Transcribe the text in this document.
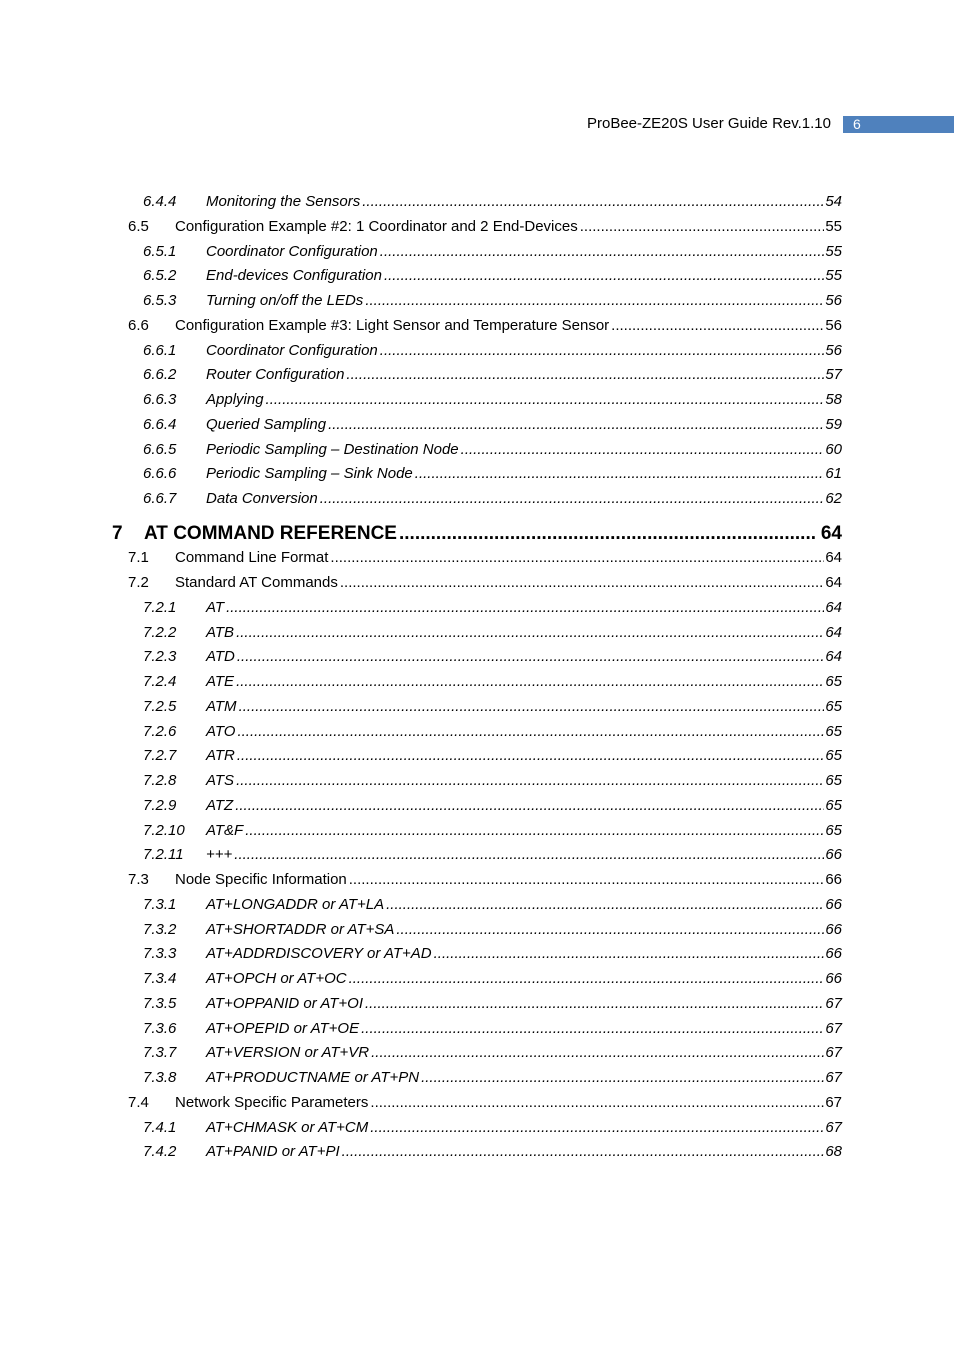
ProBee-ZE20S User Guide Rev.1.10	6
6.4.4 Monitoring the Sensors .....	54
6.5 Configuration Example #2: 1 Coordinator and 2 End-Devices .....	55
6.5.1 Coordinator Configuration .....	55
6.5.2 End-devices Configuration .....	55
6.5.3 Turning on/off the LEDs .....	56
6.6 Configuration Example #3: Light Sensor and Temperature Sensor .....	56
6.6.1 Coordinator Configuration .....	56
6.6.2 Router Configuration .....	57
6.6.3 Applying .....	58
6.6.4 Queried Sampling .....	59
6.6.5 Periodic Sampling – Destination Node .....	60
6.6.6 Periodic Sampling – Sink Node .....	61
6.6.7 Data Conversion .....	62
7 AT COMMAND REFERENCE .....	64
7.1 Command Line Format .....	64
7.2 Standard AT Commands .....	64
7.2.1 AT .....	64
7.2.2 ATB .....	64
7.2.3 ATD .....	64
7.2.4 ATE .....	65
7.2.5 ATM .....	65
7.2.6 ATO .....	65
7.2.7 ATR .....	65
7.2.8 ATS .....	65
7.2.9 ATZ .....	65
7.2.10 AT&F .....	65
7.2.11 +++ .....	66
7.3 Node Specific Information .....	66
7.3.1 AT+LONGADDR or AT+LA .....	66
7.3.2 AT+SHORTADDR or AT+SA .....	66
7.3.3 AT+ADDRDISCOVERY or AT+AD .....	66
7.3.4 AT+OPCH or AT+OC .....	66
7.3.5 AT+OPPANID or AT+OI .....	67
7.3.6 AT+OPEPID or AT+OE .....	67
7.3.7 AT+VERSION or AT+VR .....	67
7.3.8 AT+PRODUCTNAME or AT+PN .....	67
7.4 Network Specific Parameters .....	67
7.4.1 AT+CHMASK or AT+CM .....	67
7.4.2 AT+PANID or AT+PI .....	68
